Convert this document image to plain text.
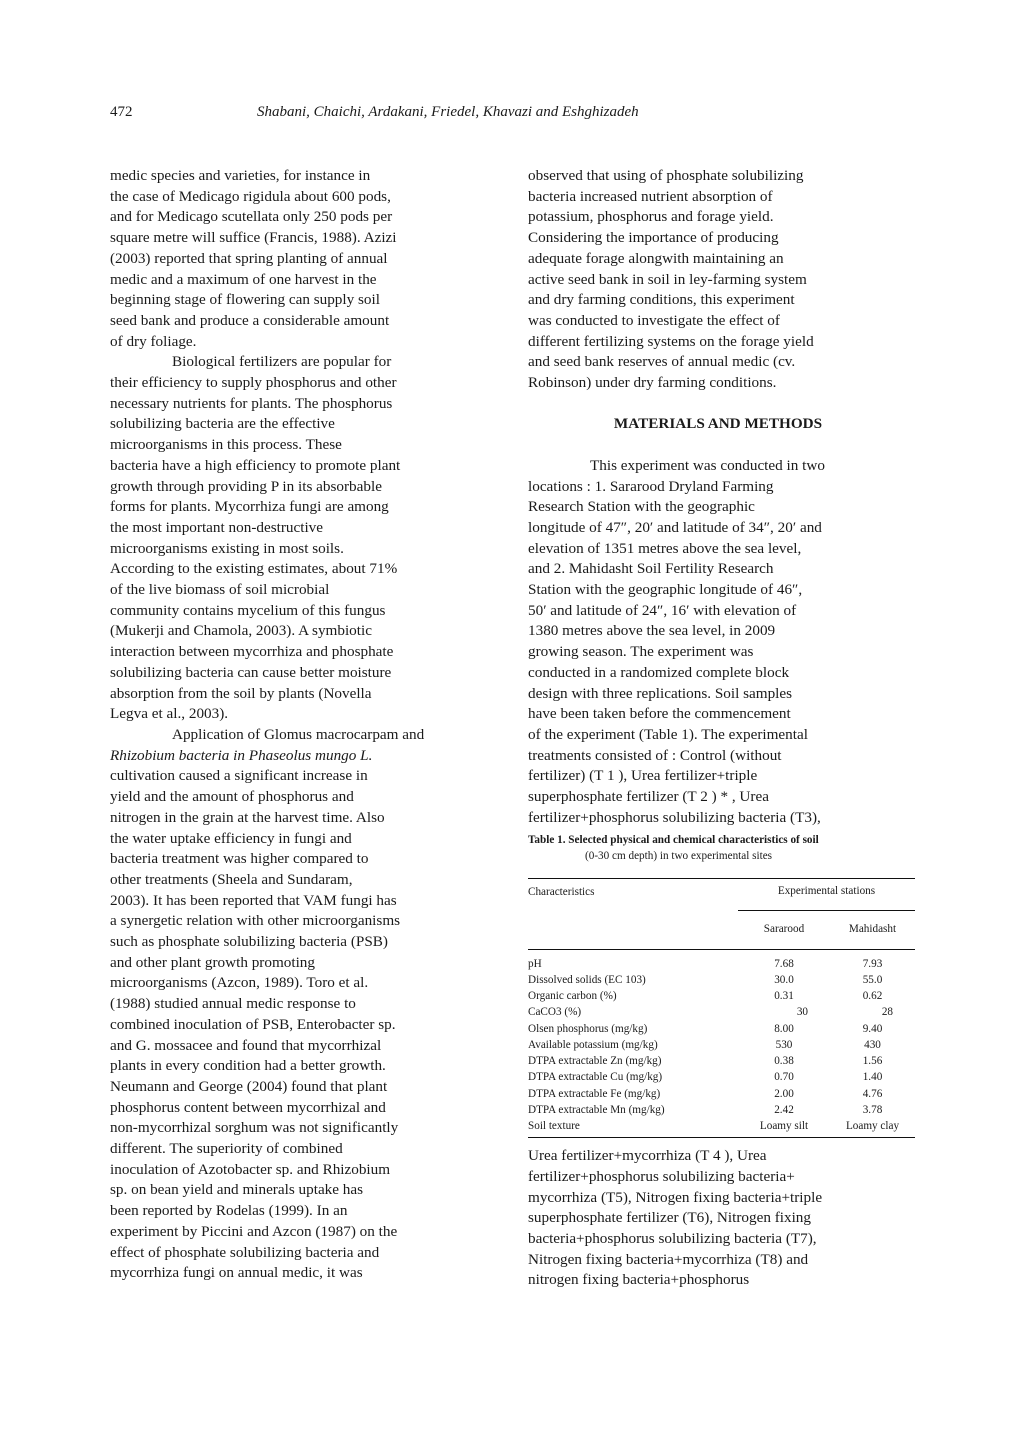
472	Shabani, Chaichi, Ardakani, Friedel, Khavazi and Eshghizadeh

medic species and varieties, for instance in

the case of Medicago rigidula about 600 pods,

and for Medicago scutellata only 250 pods per

square metre will suffice (Francis, 1988). Azizi

(2003) reported that spring planting of annual

medic and a maximum of one harvest in the

beginning stage of flowering can supply soil

seed bank and produce a considerable amount

of dry foliage.

Biological fertilizers are popular for

their efficiency to supply phosphorus and other

necessary nutrients for plants. The phosphorus

solubilizing bacteria are the effective

microorganisms in this process. These

bacteria have a high efficiency to promote plant

growth through providing P in its absorbable

forms for plants. Mycorrhiza fungi are among

the most important non-destructive

microorganisms existing in most soils.

According to the existing estimates, about 71%

of the live biomass of soil microbial

community contains mycelium of this fungus

(Mukerji and Chamola, 2003). A symbiotic

interaction between mycorrhiza and phosphate

solubilizing bacteria can cause better moisture

absorption from the soil by plants (Novella

Legva et al., 2003).

Application of Glomus macrocarpam and

Rhizobium bacteria in Phaseolus mungo L.

cultivation caused a significant increase in

yield and the amount of phosphorus and

nitrogen in the grain at the harvest time. Also

the water uptake efficiency in fungi and

bacteria treatment was higher compared to

other treatments (Sheela and Sundaram,

2003). It has been reported that VAM fungi has

a synergetic relation with other microorganisms

such as phosphate solubilizing bacteria (PSB)

and other plant growth promoting

microorganisms (Azcon, 1989). Toro et al.

(1988) studied annual medic response to

combined inoculation of PSB, Enterobacter sp.

and G. mossacee and found that mycorrhizal

plants in every condition had a better growth.

Neumann and George (2004) found that plant

phosphorus content between mycorrhizal and

non-mycorrhizal sorghum was not significantly

different. The superiority of combined

inoculation of Azotobacter sp. and Rhizobium

sp. on bean yield and minerals uptake has

been reported by Rodelas (1999). In an

experiment by Piccini and Azcon (1987) on the

effect of phosphate solubilizing bacteria and

mycorrhiza fungi on annual medic, it was

observed that using of phosphate solubilizing

bacteria increased nutrient absorption of

potassium, phosphorus and forage yield.

Considering the importance of producing

adequate forage alongwith maintaining an

active seed bank in soil in ley-farming system

and dry farming conditions, this experiment

was conducted to investigate the effect of

different fertilizing systems on the forage yield

and seed bank reserves of annual medic (cv.

Robinson) under dry farming conditions.

MATERIALS AND METHODS

This experiment was conducted in two

locations : 1. Sararood Dryland Farming

Research Station with the geographic

longitude of 47″, 20′ and latitude of 34″, 20′ and

elevation of 1351 metres above the sea level,

and 2. Mahidasht Soil Fertility Research

Station with the geographic longitude of 46″,

50′ and latitude of 24″, 16′ with elevation of

1380 metres above the sea level, in 2009

growing season. The experiment was

conducted in a randomized complete block

design with three replications. Soil samples

have been taken before the commencement

of the experiment (Table 1). The experimental

treatments consisted of : Control (without

fertilizer) (T 1 ), Urea fertilizer+triple

superphosphate fertilizer (T 2 ) * , Urea

fertilizer+phosphorus solubilizing bacteria (T3),

Table 1. Selected physical and chemical characteristics of soil
(0-30 cm depth) in two experimental sites
Characteristics	Experimental stations	
	Sararood	Mahidasht
pH	7.68	7.93
Dissolved solids (EC 103)	30.0	55.0
Organic carbon (%)	0.31	0.62
CaCO3 (%)	30	28
Olsen phosphorus (mg/kg)	8.00	9.40
Available potassium (mg/kg)	530	430
DTPA extractable Zn (mg/kg)	0.38	1.56
DTPA extractable Cu (mg/kg)	0.70	1.40
DTPA extractable Fe (mg/kg)	2.00	4.76
DTPA extractable Mn (mg/kg)	2.42	3.78
Soil texture	Loamy silt	Loamy clay

Urea fertilizer+mycorrhiza (T 4 ), Urea

fertilizer+phosphorus solubilizing bacteria+

mycorrhiza (T5), Nitrogen fixing bacteria+triple

superphosphate fertilizer (T6), Nitrogen fixing

bacteria+phosphorus solubilizing bacteria (T7),

Nitrogen fixing bacteria+mycorrhiza (T8) and

nitrogen fixing bacteria+phosphorus
